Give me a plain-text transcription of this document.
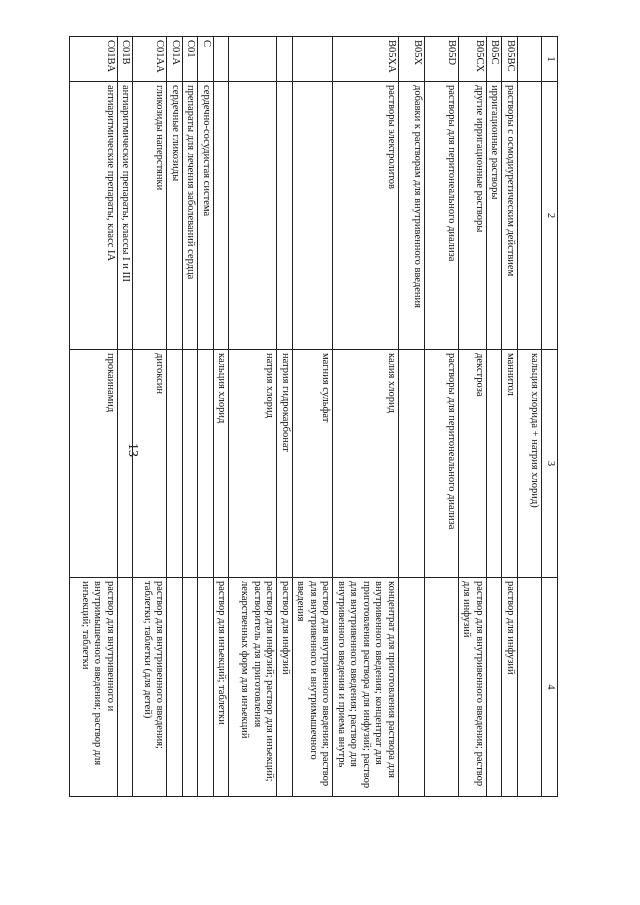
13
1	2	3	4
		кальция хлорида + натрия хлорид)	
B05BC	растворы с осмодиуретическим действием	маннитол	раствор для инфузий
B05C	ирригационные растворы		
B05CX	другие ирригационные растворы	декстроза	раствор для внутривенного введения; раствор для инфузий
B05D	растворы для перитонеального диализа	растворы для перитонеального диализа	
B05X	добавки к растворам для внутривенного введения		
B05XA	растворы электролитов	калия хлорид	концентрат для приготовления раствора для внутривенного введения; концентрат для приготовления раствора для инфузий; раствор для внутривенного введения; раствор для внутривенного введения и приема внутрь
		магния сульфат	раствор для внутривенного введения; раствор для внутривенного и внутримышечного введения
		натрия гидрокарбонат	раствор для инфузий
		натрия хлорид	раствор для инфузий; раствор для инъекций; растворитель для приготовления лекарственных форм для инъекций
		кальция хлорид	раствор для инъекций; таблетки
C	сердечно-сосудистая система		
C01	препараты для лечения заболеваний сердца		
C01A	сердечные гликозиды		
C01AA	гликозиды наперстянки	дигоксин	раствор для внутривенного введения; таблетки; таблетки (для детей)
C01B	антиаритмические препараты, классы I и III		
C01BA	антиаритмические препараты, класс IA	прокаинамид	раствор для внутривенного и внутримышечного введения; раствор для инъекций; таблетки
